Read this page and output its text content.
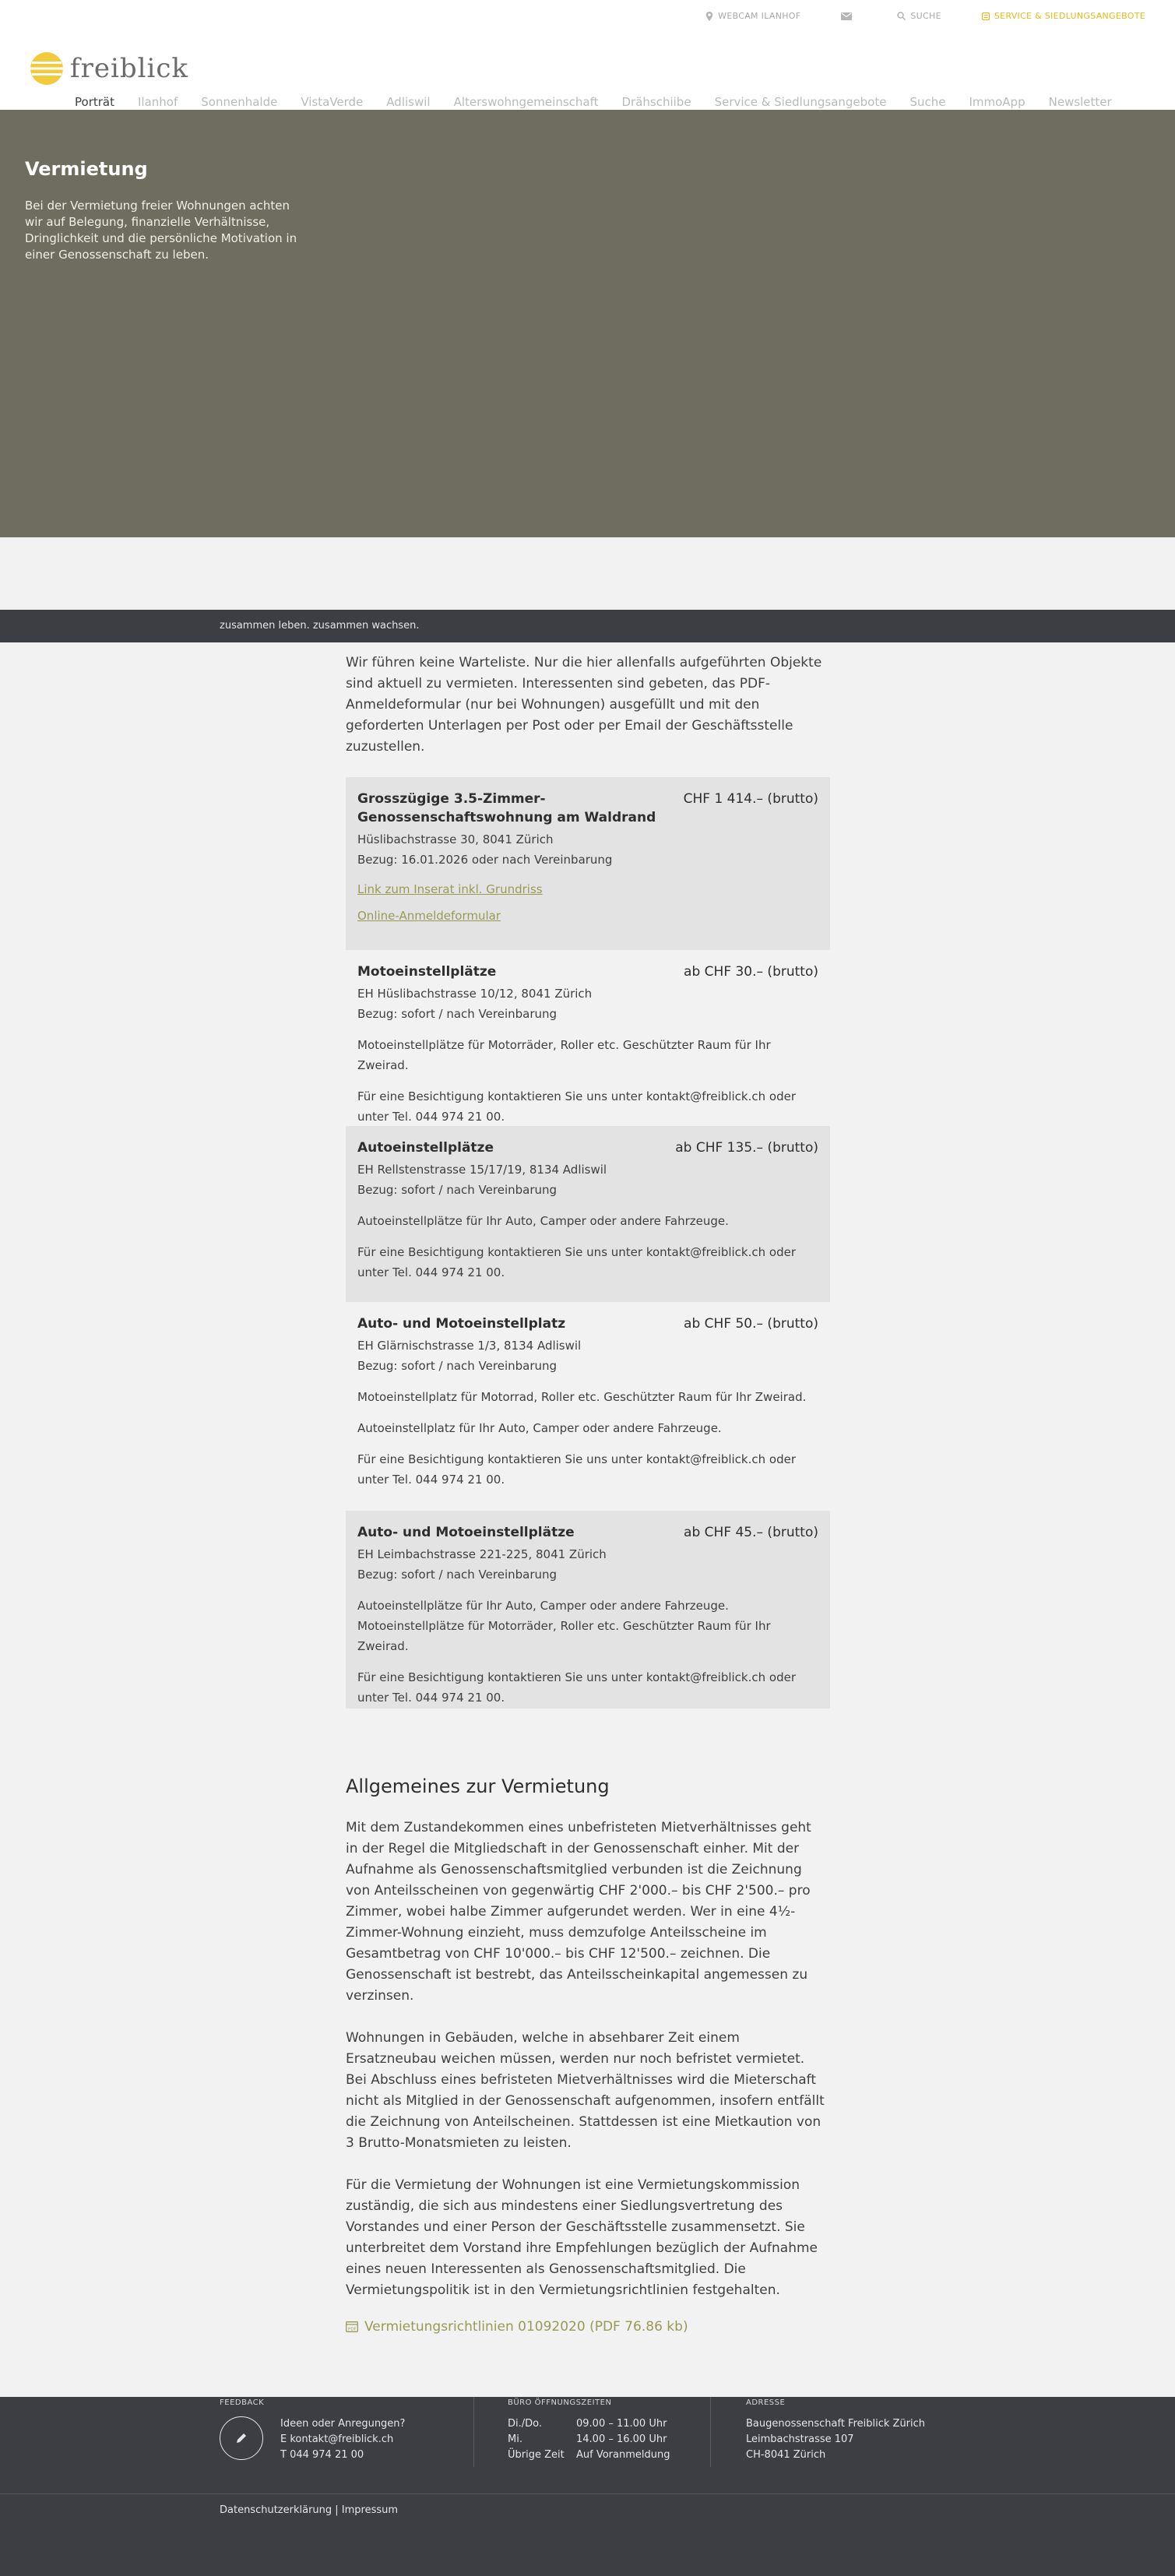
WEBCAM ILANHOF	SUCHE	SERVICE & SIEDLUNGSANGEBOTE
freiblick
Porträt Ilanhof Sonnenhalde VistaVerde Adliswil Alterswohngemeinschaft Drähschiibe Service & Siedlungsangebote Suche ImmoApp Newsletter
Vermietung

Bei der Vermietung freier Wohnungen achten wir auf Belegung, finanzielle Verhältnisse, Dringlichkeit und die persönliche Motivation in einer Genossenschaft zu leben.

zusammen leben. zusammen wachsen.

Wir führen keine Warteliste. Nur die hier allenfalls aufgeführten Objekte sind aktuell zu vermieten. Interessenten sind gebeten, das PDF-Anmeldeformular (nur bei Wohnungen) ausgefüllt und mit den geforderten Unterlagen per Post oder per Email der Geschäftsstelle zuzustellen.

Grosszügige 3.5-Zimmer-Genossenschaftswohnung am Waldrand
CHF 1 414.– (brutto)
Hüslibachstrasse 30, 8041 Zürich
Bezug: 16.01.2026 oder nach Vereinbarung
Link zum Inserat inkl. Grundriss
Online-Anmeldeformular
Motoeinstellplätze	ab CHF 30.– (brutto)
EH Hüslibachstrasse 10/12, 8041 Zürich
Bezug: sofort / nach Vereinbarung
Motoeinstellplätze für Motorräder, Roller etc. Geschützter Raum für Ihr Zweirad.
Für eine Besichtigung kontaktieren Sie uns unter kontakt@freiblick.ch oder unter Tel. 044 974 21 00.
Autoeinstellplätze	ab CHF 135.– (brutto)
EH Rellstenstrasse 15/17/19, 8134 Adliswil
Bezug: sofort / nach Vereinbarung
Autoeinstellplätze für Ihr Auto, Camper oder andere Fahrzeuge.
Für eine Besichtigung kontaktieren Sie uns unter kontakt@freiblick.ch oder unter Tel. 044 974 21 00.
Auto- und Motoeinstellplatz	ab CHF 50.– (brutto)
EH Glärnischstrasse 1/3, 8134 Adliswil
Bezug: sofort / nach Vereinbarung
Motoeinstellplatz für Motorrad, Roller etc. Geschützter Raum für Ihr Zweirad.
Autoeinstellplatz für Ihr Auto, Camper oder andere Fahrzeuge.
Für eine Besichtigung kontaktieren Sie uns unter kontakt@freiblick.ch oder unter Tel. 044 974 21 00.
Auto- und Motoeinstellplätze	ab CHF 45.– (brutto)
EH Leimbachstrasse 221-225, 8041 Zürich
Bezug: sofort / nach Vereinbarung
Autoeinstellplätze für Ihr Auto, Camper oder andere Fahrzeuge.
Motoeinstellplätze für Motorräder, Roller etc. Geschützter Raum für Ihr Zweirad.
Für eine Besichtigung kontaktieren Sie uns unter kontakt@freiblick.ch oder unter Tel. 044 974 21 00.
Allgemeines zur Vermietung

Mit dem Zustandekommen eines unbefristeten Mietverhältnisses geht in der Regel die Mitgliedschaft in der Genossenschaft einher. Mit der Aufnahme als Genossenschaftsmitglied verbunden ist die Zeichnung von Anteilsscheinen von gegenwärtig CHF 2'000.– bis CHF 2'500.– pro Zimmer, wobei halbe Zimmer aufgerundet werden. Wer in eine 4½-Zimmer-Wohnung einzieht, muss demzufolge Anteilsscheine im Gesamtbetrag von CHF 10'000.– bis CHF 12'500.– zeichnen. Die Genossenschaft ist bestrebt, das Anteilsscheinkapital angemessen zu verzinsen.

Wohnungen in Gebäuden, welche in absehbarer Zeit einem Ersatzneubau weichen müssen, werden nur noch befristet vermietet. Bei Abschluss eines befristeten Mietverhältnisses wird die Mieterschaft nicht als Mitglied in der Genossenschaft aufgenommen, insofern entfällt die Zeichnung von Anteilscheinen. Stattdessen ist eine Mietkaution von 3 Brutto-Monatsmieten zu leisten.

Für die Vermietung der Wohnungen ist eine Vermietungskommission zuständig, die sich aus mindestens einer Siedlungsvertretung des Vorstandes und einer Person der Geschäftsstelle zusammensetzt. Sie unterbreitet dem Vorstand ihre Empfehlungen bezüglich der Aufnahme eines neuen Interessenten als Genossenschaftsmitglied. Die Vermietungspolitik ist in den Vermietungsrichtlinien festgehalten.

PDF Vermietungsrichtlinien 01092020 (PDF 76.86 kb)
FEEDBACK
Ideen oder Anregungen?
E kontakt@freiblick.ch
T 044 974 21 00
BÜRO ÖFFNUNGSZEITEN
Di./Do.	09.00 – 11.00 Uhr
Mi.	14.00 – 16.00 Uhr
Übrige Zeit	Auf Voranmeldung
ADRESSE
Baugenossenschaft Freiblick Zürich
Leimbachstrasse 107
CH-8041 Zürich
Datenschutzerklärung | Impressum
